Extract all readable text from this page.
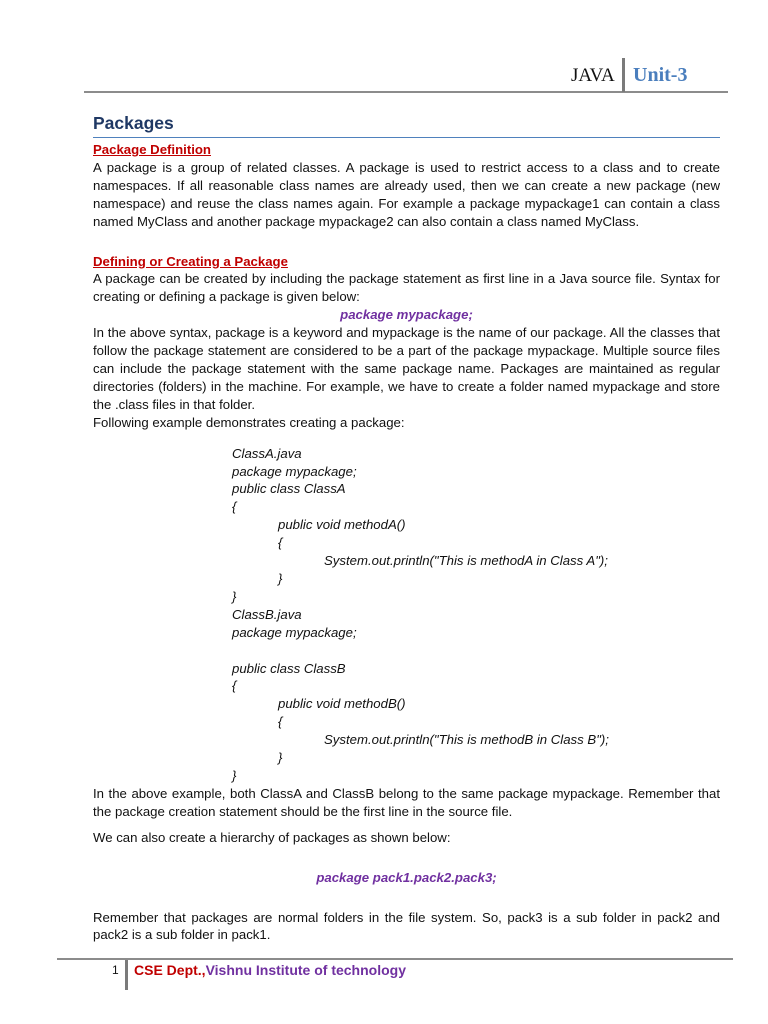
JAVA Unit-3
Packages

Package Definition

A package is a group of related classes. A package is used to restrict access to a class and to create namespaces. If all reasonable class names are already used, then we can create a new package (new namespace) and reuse the class names again. For example a package mypackage1 can contain a class named MyClass and another package mypackage2 can also contain a class named MyClass.

Defining or Creating a Package

A package can be created by including the package statement as first line in a Java source file. Syntax for creating or defining a package is given below:

package mypackage;

In the above syntax, package is a keyword and mypackage is the name of our package. All the classes that follow the package statement are considered to be a part of the package mypackage. Multiple source files can include the package statement with the same package name. Packages are maintained as regular directories (folders) in the machine. For example, we have to create a folder named mypackage and store the .class files in that folder.

Following example demonstrates creating a package:

ClassA.java
package mypackage;
public class ClassA
{
public void methodA()
{
System.out.println("This is methodA in Class A");
}
}
ClassB.java
package mypackage;
public class ClassB
{
public void methodB()
{
System.out.println("This is methodB in Class B");
}
}

In the above example, both ClassA and ClassB belong to the same package mypackage. Remember that the package creation statement should be the first line in the source file.

We can also create a hierarchy of packages as shown below:

package pack1.pack2.pack3;

Remember that packages are normal folders in the file system. So, pack3 is a sub folder in pack2 and pack2 is a sub folder in pack1.

1 CSE Dept.,Vishnu Institute of technology
